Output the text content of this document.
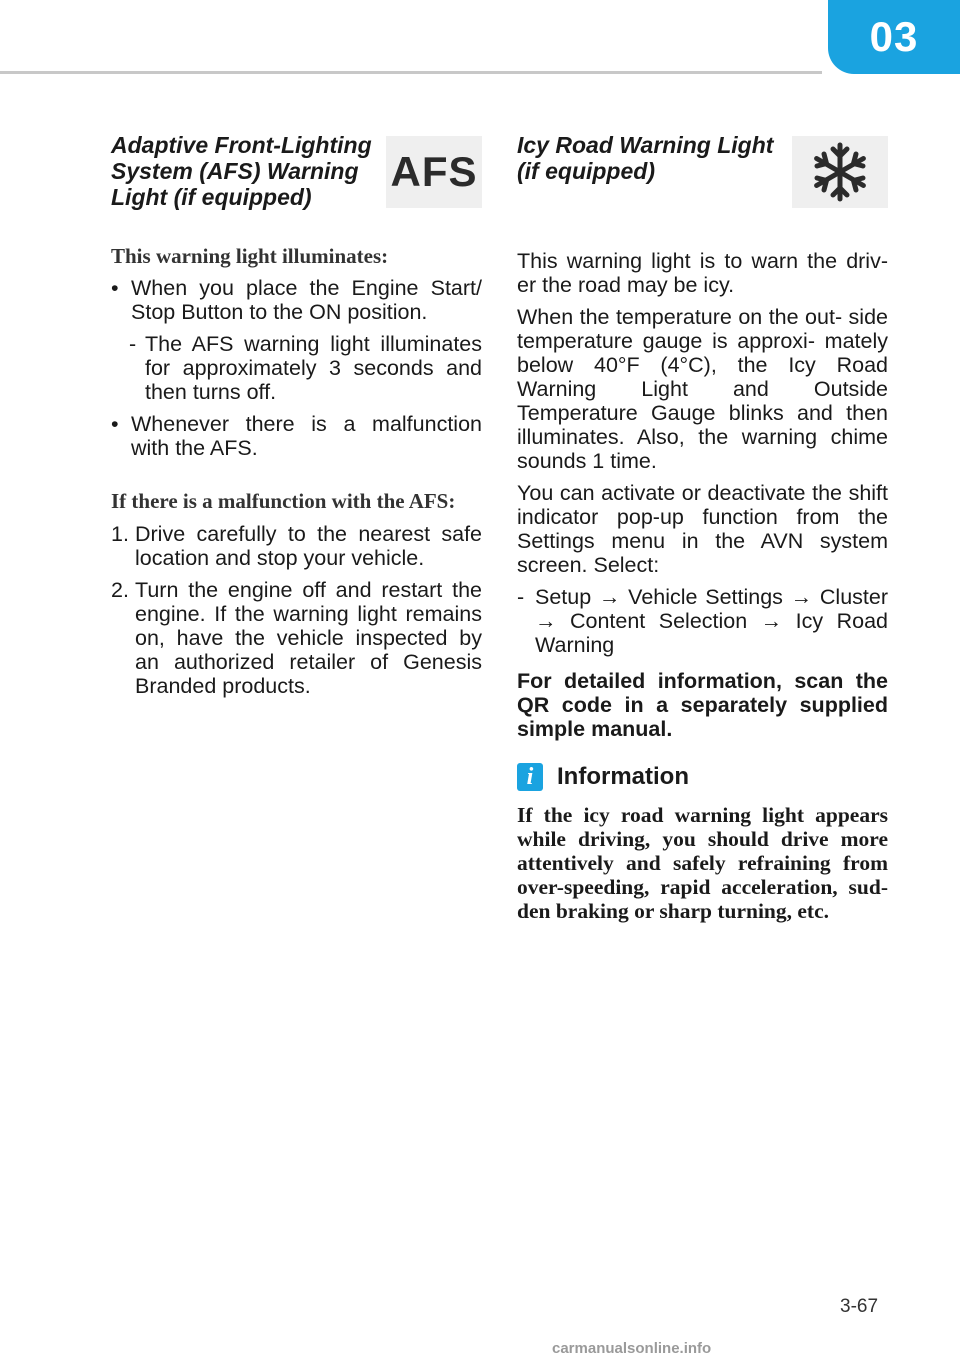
03
Adaptive Front-Lighting System (AFS) Warning Light (if equipped)
AFS

This warning light illuminates:

• When you place the Engine Start/ Stop Button to the ON position.
- The AFS warning light illuminates for approximately 3 seconds and then turns off.
• Whenever there is a malfunction with the AFS.

If there is a malfunction with the AFS:

1. Drive carefully to the nearest safe location and stop your vehicle.
2. Turn the engine off and restart the engine. If the warning light remains on, have the vehicle inspected by an authorized retailer of Genesis Branded products.
Icy Road Warning Light (if equipped)

This warning light is to warn the driv- er the road may be icy.

When the temperature on the out- side temperature gauge is approxi- mately below 40°F (4°C), the Icy Road Warning Light and Outside Temperature Gauge blinks and then illuminates. Also, the warning chime sounds 1 time.

You can activate or deactivate the shift indicator pop-up function from the Settings menu in the AVN system screen. Select:

- Setup → Vehicle Settings → Cluster → Content Selection → Icy Road Warning

For detailed information, scan the QR code in a separately supplied simple manual.

i Information

If the icy road warning light appears while driving, you should drive more attentively and safely refraining from over-speeding, rapid acceleration, sud- den braking or sharp turning, etc.

3-67
carmanualsonline.info
